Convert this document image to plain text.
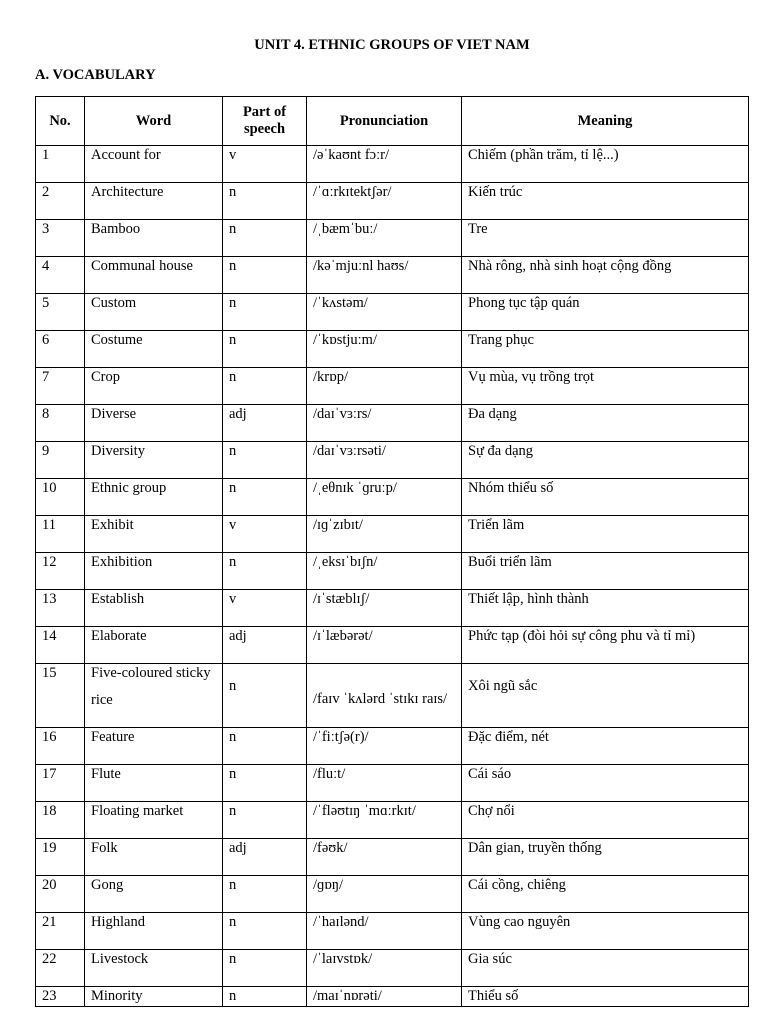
UNIT 4. ETHNIC GROUPS OF VIET NAM
A. VOCABULARY
No.	Word	Part of speech	Pronunciation	Meaning
1	Account for	v	/əˈkaʊnt fɔːr/	Chiếm (phần trăm, tỉ lệ...)
2	Architecture	n	/ˈɑːrkɪtektʃər/	Kiến trúc
3	Bamboo	n	/ˌbæmˈbuː/	Tre
4	Communal house	n	/kəˈmjuːnl haʊs/	Nhà rông, nhà sinh hoạt cộng đồng
5	Custom	n	/ˈkʌstəm/	Phong tục tập quán
6	Costume	n	/ˈkɒstjuːm/	Trang phục
7	Crop	n	/krɒp/	Vụ mùa, vụ trồng trọt
8	Diverse	adj	/daɪˈvɜːrs/	Đa dạng
9	Diversity	n	/daɪˈvɜːrsəti/	Sự đa dạng
10	Ethnic group	n	/ˌeθnɪk ˈɡruːp/	Nhóm thiểu số
11	Exhibit	v	/ɪɡˈzɪbɪt/	Triển lãm
12	Exhibition	n	/ˌeksɪˈbɪʃn/	Buổi triển lãm
13	Establish	v	/ɪˈstæblɪʃ/	Thiết lập, hình thành
14	Elaborate	adj	/ɪˈlæbərət/	Phức tạp (đòi hỏi sự công phu và tỉ mỉ)
15	Five-coloured sticky rice	n	/faɪv ˈkʌlərd ˈstɪkɪ raɪs/	Xôi ngũ sắc

16	Feature	n	/ˈfiːtʃə(r)/	Đặc điểm, nét
17	Flute	n	/fluːt/	Cái sáo
18	Floating market	n	/ˈfləʊtɪŋ ˈmɑːrkɪt/	Chợ nổi
19	Folk	adj	/fəʊk/	Dân gian, truyền thống
20	Gong	n	/ɡɒŋ/	Cái cồng, chiêng
21	Highland	n	/ˈhaɪlənd/	Vùng cao nguyên
22	Livestock	n	/ˈlaɪvstɒk/	Gia súc
23	Minority	n	/maɪˈnɒrəti/	Thiểu số
